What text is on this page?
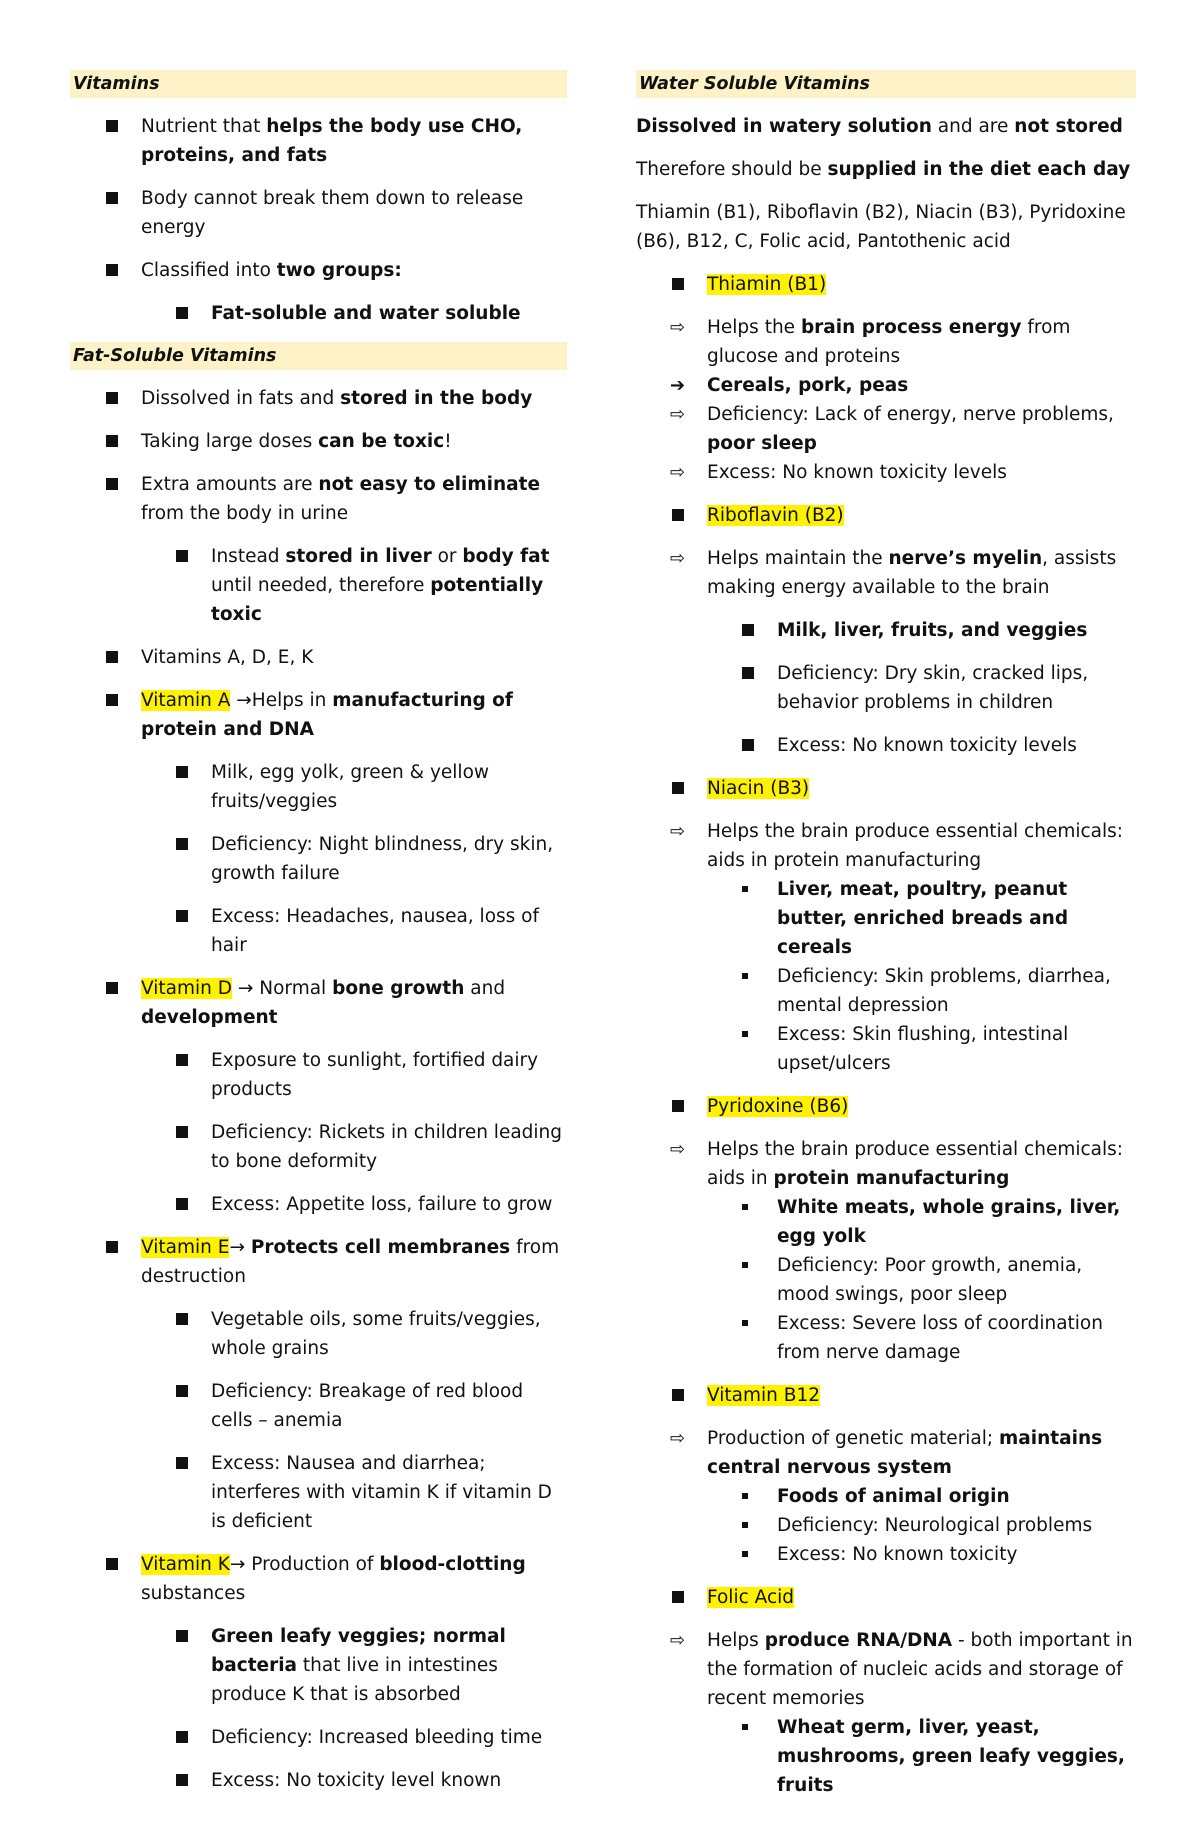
Vitamins
Nutrient that helps the body use CHO, proteins, and fats
Body cannot break them down to release energy
Classified into two groups:
Fat-soluble and water soluble
Fat-Soluble Vitamins
Dissolved in fats and stored in the body
Taking large doses can be toxic!
Extra amounts are not easy to eliminate from the body in urine
Instead stored in liver or body fat until needed, therefore potentially toxic
Vitamins A, D, E, K
Vitamin A →Helps in manufacturing of protein and DNA
Milk, egg yolk, green & yellow fruits/veggies
Deficiency: Night blindness, dry skin, growth failure
Excess: Headaches, nausea, loss of hair
Vitamin D → Normal bone growth and development
Exposure to sunlight, fortified dairy products
Deficiency: Rickets in children leading to bone deformity
Excess: Appetite loss, failure to grow
Vitamin E→ Protects cell membranes from destruction
Vegetable oils, some fruits/veggies, whole grains
Deficiency: Breakage of red blood cells – anemia
Excess: Nausea and diarrhea; interferes with vitamin K if vitamin D is deficient
Vitamin K→ Production of blood-clotting substances
Green leafy veggies; normal bacteria that live in intestines produce K that is absorbed
Deficiency: Increased bleeding time
Excess: No toxicity level known
Water Soluble Vitamins
Dissolved in watery solution and are not stored
Therefore should be supplied in the diet each day
Thiamin (B1), Riboflavin (B2), Niacin (B3), Pyridoxine (B6), B12, C, Folic acid, Pantothenic acid
Thiamin (B1)
⇨ Helps the brain process energy from glucose and proteins
➔ Cereals, pork, peas
⇨ Deficiency: Lack of energy, nerve problems, poor sleep
⇨ Excess: No known toxicity levels
Riboflavin (B2)
⇨ Helps maintain the nerve’s myelin, assists making energy available to the brain
Milk, liver, fruits, and veggies
Deficiency: Dry skin, cracked lips, behavior problems in children
Excess: No known toxicity levels
Niacin (B3)
⇨ Helps the brain produce essential chemicals: aids in protein manufacturing
Liver, meat, poultry, peanut butter, enriched breads and cereals
Deficiency: Skin problems, diarrhea, mental depression
Excess: Skin flushing, intestinal upset/ulcers
Pyridoxine (B6)
⇨ Helps the brain produce essential chemicals: aids in protein manufacturing
White meats, whole grains, liver, egg yolk
Deficiency: Poor growth, anemia, mood swings, poor sleep
Excess: Severe loss of coordination from nerve damage
Vitamin B12
⇨ Production of genetic material; maintains central nervous system
Foods of animal origin
Deficiency: Neurological problems
Excess: No known toxicity
Folic Acid
⇨ Helps produce RNA/DNA - both important in the formation of nucleic acids and storage of recent memories
Wheat germ, liver, yeast, mushrooms, green leafy veggies, fruits
